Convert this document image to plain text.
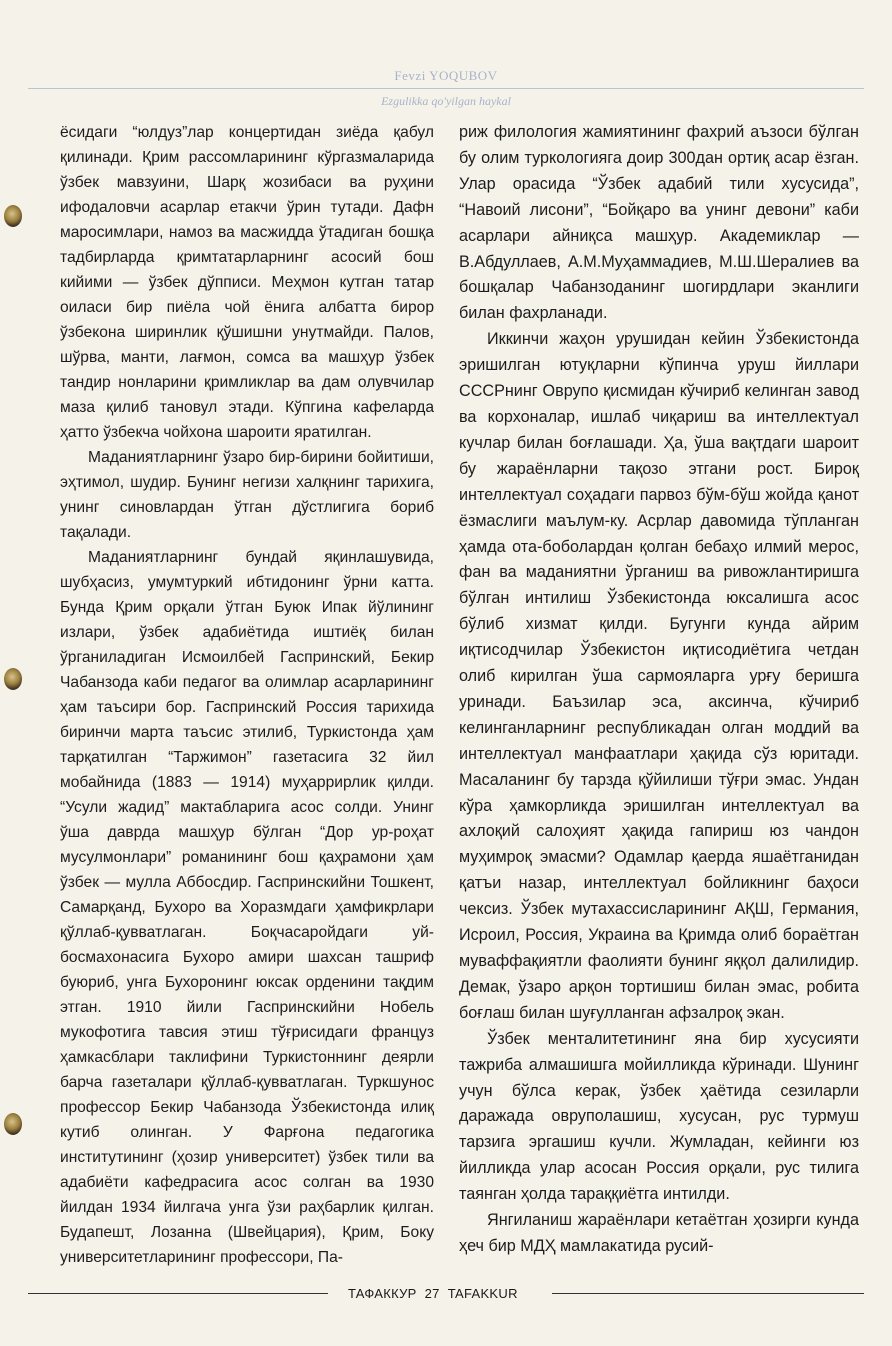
Fevzi YOQUBOV
Ezgulikka qo'yilgan haykal

ёсидаги “юлдуз”лар концертидан зиёда қабул қилинади. Қрим рассомларининг кўргазмаларида ўзбек мавзуини, Шарқ жозибаси ва руҳини ифодаловчи асарлар етакчи ўрин тутади. Дафн маросимлари, намоз ва масжидда ўтадиган бошқа тадбирларда қримтатарларнинг асосий бош кийими — ўзбек дўпписи. Меҳмон кутган татар оиласи бир пиёла чой ёнига албатта бирор ўзбекона ширинлик қўшишни унутмайди. Палов, шўрва, манти, лағмон, сомса ва машҳур ўзбек тандир нонларини қримликлар ва дам олувчилар маза қилиб тановул этади. Кўпгина кафеларда ҳатто ўзбекча чойхона шароити яратилган.

Маданиятларнинг ўзаро бир-бирини бойитиши, эҳтимол, шудир. Бунинг негизи халқнинг тарихига, унинг синовлардан ўтган дўстлигига бориб тақалади.

Маданиятларнинг бундай яқинлашувида, шубҳасиз, умумтуркий ибтидонинг ўрни катта. Бунда Қрим орқали ўтган Буюк Ипак йўлининг излари, ўзбек адабиётида иштиёқ билан ўрганиладиган Исмоилбей Гаспринский, Бекир Чабанзода каби педагог ва олимлар асарларининг ҳам таъсири бор. Гаспринский Россия тарихида биринчи марта таъсис этилиб, Туркистонда ҳам тарқатилган “Таржимон” газетасига 32 йил мобайнида (1883 — 1914) муҳаррирлик қилди. “Усули жадид” мактабларига асос солди. Унинг ўша даврда машҳур бўлган “Дор ур-роҳат мусулмонлари” романининг бош қаҳрамони ҳам ўзбек — мулла Аббосдир. Гаспринскийни Тошкент, Самарқанд, Бухоро ва Хоразмдаги ҳамфикрлари қўллаб-қувватлаган. Боқчасаройдаги уй-босмахонасига Бухоро амири шахсан ташриф буюриб, унга Бухоронинг юксак орденини тақдим этган. 1910 йили Гаспринскийни Нобель мукофотига тавсия этиш тўғрисидаги француз ҳамкасблари таклифини Туркистоннинг деярли барча газеталари қўллаб-қувватлаган. Туркшунос профессор Бекир Чабанзода Ўзбекистонда илиқ кутиб олинган. У Фарғона педагогика институтининг (ҳозир университет) ўзбек тили ва адабиёти кафедрасига асос солган ва 1930 йилдан 1934 йилгача унга ўзи раҳбарлик қилган. Будапешт, Лозанна (Швейцария), Қрим, Боку университетларининг профессори, Па-

риж филология жамиятининг фахрий аъзоси бўлган бу олим туркологияга доир 300дан ортиқ асар ёзган. Улар орасида “Ўзбек адабий тили хусусида”, “Навоий лисони”, “Бойқаро ва унинг девони” каби асарлари айниқса машҳур. Академиклар — В.Абдуллаев, А.М.Муҳаммадиев, М.Ш.Шералиев ва бошқалар Чабанзоданинг шогирдлари эканлиги билан фахрланади.

Иккинчи жаҳон урушидан кейин Ўзбекистонда эришилган ютуқларни кўпинча уруш йиллари СССРнинг Оврупо қисмидан кўчириб келинган завод ва корхоналар, ишлаб чиқариш ва интеллектуал кучлар билан боғлашади. Ҳа, ўша вақтдаги шароит бу жараёнларни тақозо этгани рост. Бироқ интеллектуал соҳадаги парвоз бўм-бўш жойда қанот ёзмаслиги маълум-ку. Асрлар давомида тўпланган ҳамда ота-боболардан қолган бебаҳо илмий мерос, фан ва маданиятни ўрганиш ва ривожлантиришга бўлган интилиш Ўзбекистонда юксалишга асос бўлиб хизмат қилди. Бугунги кунда айрим иқтисодчилар Ўзбекистон иқтисодиётига четдан олиб кирилган ўша сармояларга урғу беришга уринади. Баъзилар эса, аксинча, кўчириб келинганларнинг республикадан олган моддий ва интеллектуал манфаатлари ҳақида сўз юритади. Масаланинг бу тарзда қўйилиши тўғри эмас. Ундан кўра ҳамкорликда эришилган интеллектуал ва ахлоқий салоҳият ҳақида гапириш юз чандон муҳимроқ эмасми? Одамлар қаерда яшаётганидан қатъи назар, интеллектуал бойликнинг баҳоси чексиз. Ўзбек мутахассисларининг АҚШ, Германия, Исроил, Россия, Украина ва Қримда олиб бораётган муваффақиятли фаолияти бунинг яққол далилидир. Демак, ўзаро арқон тортишиш билан эмас, робита боғлаш билан шуғулланган афзалроқ экан.

Ўзбек менталитетининг яна бир хусусияти тажриба алмашишга мойилликда кўринади. Шунинг учун бўлса керак, ўзбек ҳаётида сезиларли даражада овруполашиш, хусусан, рус турмуш тарзига эргашиш кучли. Жумладан, кейинги юз йилликда улар асосан Россия орқали, рус тилига таянган ҳолда тараққиётга интилди.

Янгиланиш жараёнлари кетаётган ҳозирги кунда ҳеч бир МДҲ мамлакатида русий-

ТАФАККУР 27 TAFAKKUR
